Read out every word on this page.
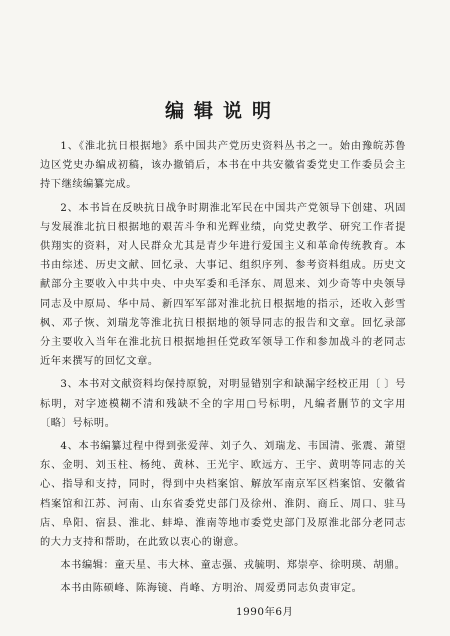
编辑说明

1、《淮北抗日根据地》系中国共产党历史资料丛书之一。始由豫皖苏鲁边区党史办编成初稿，该办撤销后，本书在中共安徽省委党史工作委员会主持下继续编纂完成。

2、本书旨在反映抗日战争时期淮北军民在中国共产党领导下创建、巩固与发展淮北抗日根据地的艰苦斗争和光辉业绩，向党史教学、研究工作者提供翔实的资料，对人民群众尤其是青少年进行爱国主义和革命传统教育。本书由综述、历史文献、回忆录、大事记、组织序列、参考资料组成。历史文献部分主要收入中共中央、中央军委和毛泽东、周恩来、刘少奇等中央领导同志及中原局、华中局、新四军军部对淮北抗日根据地的指示，还收入彭雪枫、邓子恢、刘瑞龙等淮北抗日根据地的领导同志的报告和文章。回忆录部分主要收入当年在淮北抗日根据地担任党政军领导工作和参加战斗的老同志近年来撰写的回忆文章。

3、本书对文献资料均保持原貌，对明显错别字和缺漏字经校正用〔 〕号标明，对字迹模糊不清和残缺不全的字用□号标明，凡编者删节的文字用〔略〕号标明。

4、本书编纂过程中得到张爱萍、刘子久、刘瑞龙、韦国清、张震、萧望东、金明、刘玉柱、杨纯、黄林、王光宇、欧远方、王宇、黄明等同志的关心、指导和支持，同时，得到中央档案馆、解放军南京军区档案馆、安徽省档案馆和江苏、河南、山东省委党史部门及徐州、淮阴、商丘、周口、驻马店、阜阳、宿县、淮北、蚌埠、淮南等地市委党史部门及原淮北部分老同志的大力支持和帮助，在此致以衷心的谢意。

本书编辑：童天星、韦大林、童志强、戎毓明、郑崇亭、徐明瑛、胡鼎。

本书由陈硕峰、陈海镜、肖峰、方明治、周爱勇同志负责审定。

1990年6月
